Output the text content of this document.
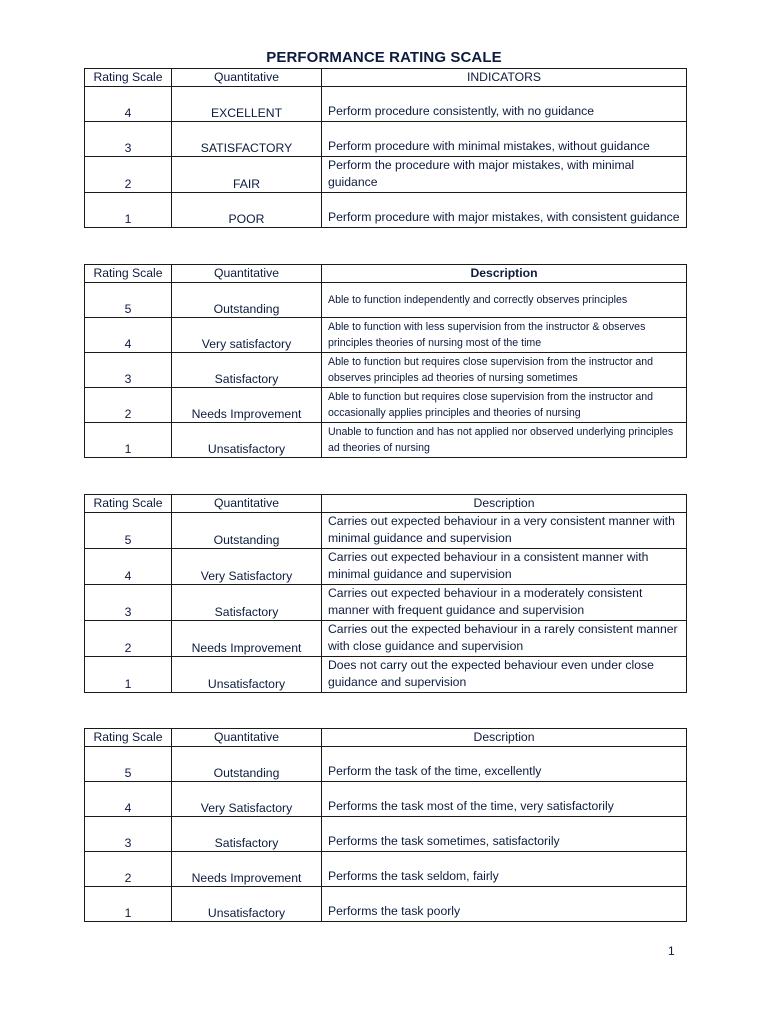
PERFORMANCE RATING SCALE
Rating Scale	Quantitative	INDICATORS
4	EXCELLENT	Perform procedure consistently, with no guidance
3	SATISFACTORY	Perform procedure with minimal mistakes, without guidance
2	FAIR	Perform the procedure with major mistakes, with minimal guidance
1	POOR	Perform procedure with major mistakes, with consistent guidance
Rating Scale	Quantitative	Description
5	Outstanding	Able to function independently and correctly observes principles
4	Very satisfactory	Able to function with less supervision from the instructor & observes principles theories of nursing most of the time
3	Satisfactory	Able to function but requires close supervision from the instructor and observes principles ad theories of nursing sometimes
2	Needs Improvement	Able to function but requires close supervision from the instructor and occasionally applies principles and theories of nursing
1	Unsatisfactory	Unable to function and has not applied nor observed underlying principles ad theories of nursing
Rating Scale	Quantitative	Description
5	Outstanding	Carries out expected behaviour in a very consistent manner with minimal guidance and supervision
4	Very Satisfactory	Carries out expected behaviour in a consistent manner with minimal guidance and supervision
3	Satisfactory	Carries out expected behaviour in a moderately consistent manner with frequent guidance and supervision
2	Needs Improvement	Carries out the expected behaviour in a rarely consistent manner with close guidance and supervision
1	Unsatisfactory	Does not carry out the expected behaviour even under close guidance and supervision
Rating Scale	Quantitative	Description
5	Outstanding	Perform the task of the time, excellently
4	Very Satisfactory	Performs the task most of the time, very satisfactorily
3	Satisfactory	Performs the task sometimes, satisfactorily
2	Needs Improvement	Performs the task seldom, fairly
1	Unsatisfactory	Performs the task poorly
1
